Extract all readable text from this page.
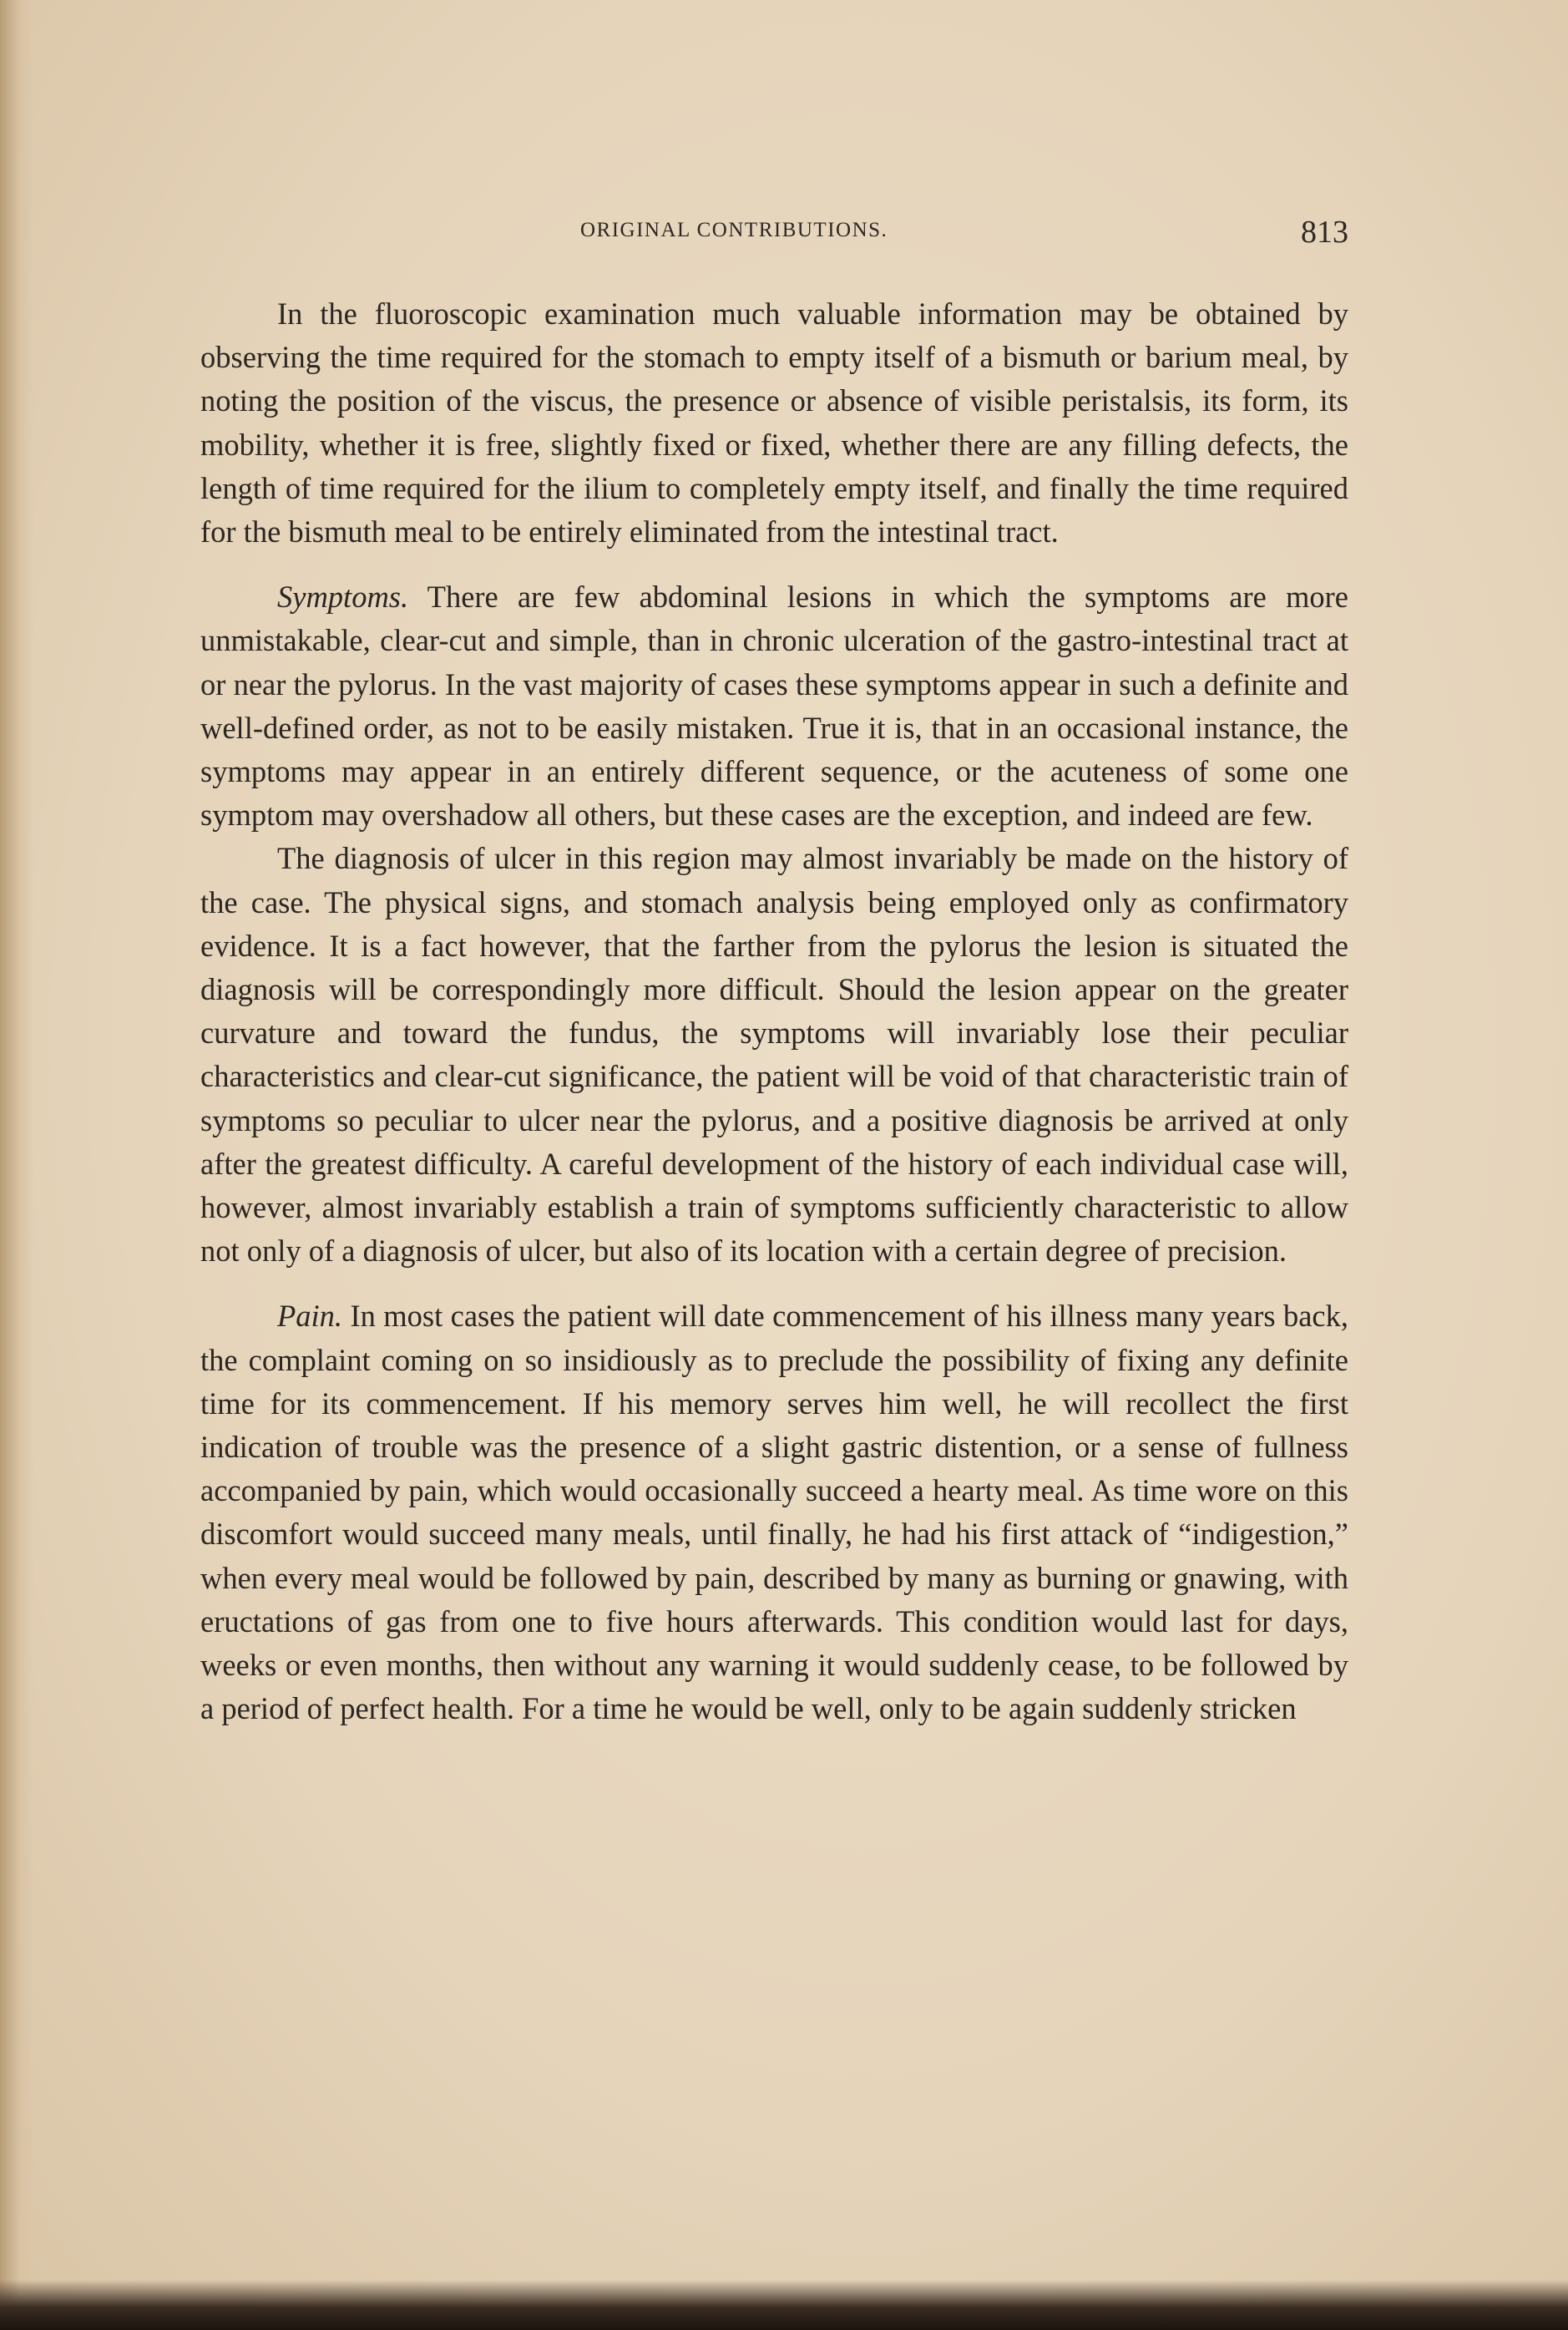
ORIGINAL CONTRIBUTIONS.	813

In the fluoroscopic examination much valuable information may be obtained by observing the time required for the stomach to empty itself of a bismuth or barium meal, by noting the position of the viscus, the presence or absence of visible peristalsis, its form, its mobility, whether it is free, slightly fixed or fixed, whether there are any filling defects, the length of time required for the ilium to completely empty itself, and finally the time required for the bismuth meal to be entirely eliminated from the intestinal tract.

Symptoms. There are few abdominal lesions in which the symptoms are more unmistakable, clear-cut and simple, than in chronic ulceration of the gastro-intestinal tract at or near the pylorus. In the vast majority of cases these symptoms appear in such a definite and well-defined order, as not to be easily mistaken. True it is, that in an occasional instance, the symptoms may appear in an entirely different sequence, or the acuteness of some one symptom may overshadow all others, but these cases are the exception, and indeed are few.

The diagnosis of ulcer in this region may almost invariably be made on the history of the case. The physical signs, and stomach analysis being employed only as confirmatory evidence. It is a fact however, that the farther from the pylorus the lesion is situated the diagnosis will be correspondingly more difficult. Should the lesion appear on the greater curvature and toward the fundus, the symptoms will invariably lose their peculiar characteristics and clear-cut significance, the patient will be void of that characteristic train of symptoms so peculiar to ulcer near the pylorus, and a positive diagnosis be arrived at only after the greatest difficulty. A careful development of the history of each individual case will, however, almost invariably establish a train of symptoms sufficiently characteristic to allow not only of a diagnosis of ulcer, but also of its location with a certain degree of precision.

Pain. In most cases the patient will date commencement of his illness many years back, the complaint coming on so insidiously as to preclude the possibility of fixing any definite time for its commencement. If his memory serves him well, he will recollect the first indication of trouble was the presence of a slight gastric distention, or a sense of fullness accompanied by pain, which would occasionally succeed a hearty meal. As time wore on this discomfort would succeed many meals, until finally, he had his first attack of “indigestion,” when every meal would be followed by pain, described by many as burning or gnawing, with eructations of gas from one to five hours afterwards. This condition would last for days, weeks or even months, then without any warning it would suddenly cease, to be followed by a period of perfect health. For a time he would be well, only to be again suddenly stricken
